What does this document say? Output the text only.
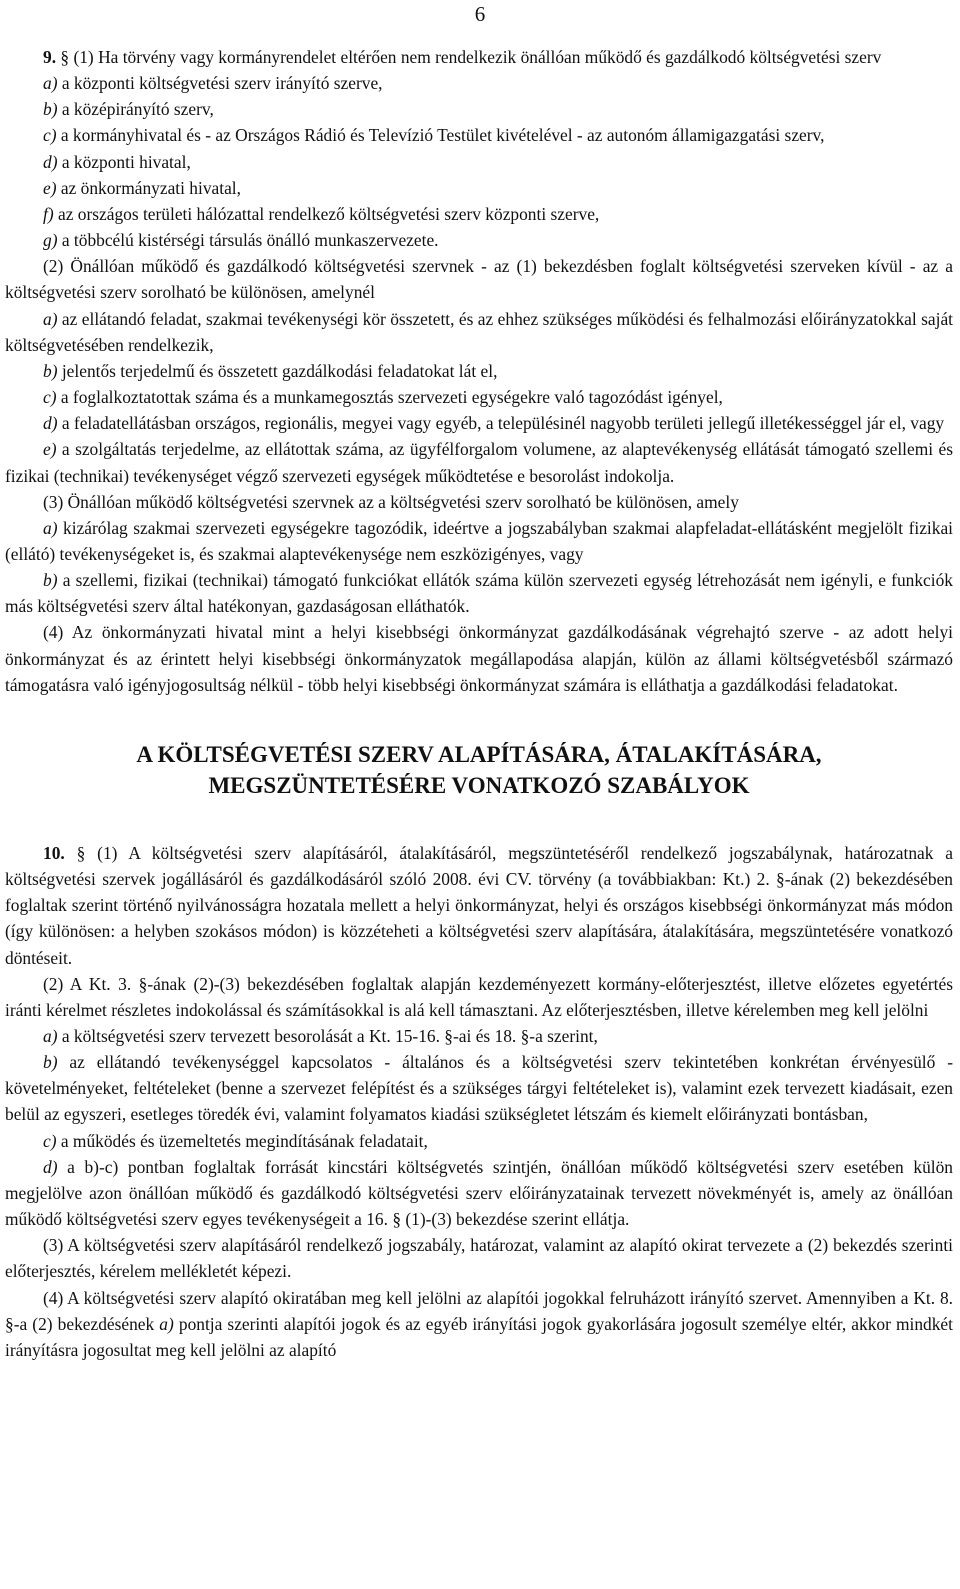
6

9. § (1) Ha törvény vagy kormányrendelet eltérően nem rendelkezik önállóan működő és gazdálkodó költségvetési szerv

a) a központi költségvetési szerv irányító szerve,

b) a középirányító szerv,

c) a kormányhivatal és - az Országos Rádió és Televízió Testület kivételével - az autonóm államigazgatási szerv,

d) a központi hivatal,

e) az önkormányzati hivatal,

f) az országos területi hálózattal rendelkező költségvetési szerv központi szerve,

g) a többcélú kistérségi társulás önálló munkaszervezete.

(2) Önállóan működő és gazdálkodó költségvetési szervnek - az (1) bekezdésben foglalt költségvetési szerveken kívül - az a költségvetési szerv sorolható be különösen, amelynél

a) az ellátandó feladat, szakmai tevékenységi kör összetett, és az ehhez szükséges működési és felhalmozási előirányzatokkal saját költségvetésében rendelkezik,

b) jelentős terjedelmű és összetett gazdálkodási feladatokat lát el,

c) a foglalkoztatottak száma és a munkamegosztás szervezeti egységekre való tagozódást igényel,

d) a feladatellátásban országos, regionális, megyei vagy egyéb, a településinél nagyobb területi jellegű illetékességgel jár el, vagy

e) a szolgáltatás terjedelme, az ellátottak száma, az ügyfélforgalom volumene, az alaptevékenység ellátását támogató szellemi és fizikai (technikai) tevékenységet végző szervezeti egységek működtetése e besorolást indokolja.

(3) Önállóan működő költségvetési szervnek az a költségvetési szerv sorolható be különösen, amely

a) kizárólag szakmai szervezeti egységekre tagozódik, ideértve a jogszabályban szakmai alapfeladat-ellátásként megjelölt fizikai (ellátó) tevékenységeket is, és szakmai alaptevékenysége nem eszközigényes, vagy

b) a szellemi, fizikai (technikai) támogató funkciókat ellátók száma külön szervezeti egység létrehozását nem igényli, e funkciók más költségvetési szerv által hatékonyan, gazdaságosan elláthatók.

(4) Az önkormányzati hivatal mint a helyi kisebbségi önkormányzat gazdálkodásának végrehajtó szerve - az adott helyi önkormányzat és az érintett helyi kisebbségi önkormányzatok megállapodása alapján, külön az állami költségvetésből származó támogatásra való igényjogosultság nélkül - több helyi kisebbségi önkormányzat számára is elláthatja a gazdálkodási feladatokat.

A KÖLTSÉGVETÉSI SZERV ALAPÍTÁSÁRA, ÁTALAKÍTÁSÁRA,
MEGSZÜNTETÉSÉRE VONATKOZÓ SZABÁLYOK

10. § (1) A költségvetési szerv alapításáról, átalakításáról, megszüntetéséről rendelkező jogszabálynak, határozatnak a költségvetési szervek jogállásáról és gazdálkodásáról szóló 2008. évi CV. törvény (a továbbiakban: Kt.) 2. §-ának (2) bekezdésében foglaltak szerint történő nyilvánosságra hozatala mellett a helyi önkormányzat, helyi és országos kisebbségi önkormányzat más módon (így különösen: a helyben szokásos módon) is közzéteheti a költségvetési szerv alapítására, átalakítására, megszüntetésére vonatkozó döntéseit.

(2) A Kt. 3. §-ának (2)-(3) bekezdésében foglaltak alapján kezdeményezett kormány-előterjesztést, illetve előzetes egyetértés iránti kérelmet részletes indokolással és számításokkal is alá kell támasztani. Az előterjesztésben, illetve kérelemben meg kell jelölni

a) a költségvetési szerv tervezett besorolását a Kt. 15-16. §-ai és 18. §-a szerint,

b) az ellátandó tevékenységgel kapcsolatos - általános és a költségvetési szerv tekintetében konkrétan érvényesülő - követelményeket, feltételeket (benne a szervezet felépítést és a szükséges tárgyi feltételeket is), valamint ezek tervezett kiadásait, ezen belül az egyszeri, esetleges töredék évi, valamint folyamatos kiadási szükségletet létszám és kiemelt előirányzati bontásban,

c) a működés és üzemeltetés megindításának feladatait,

d) a b)-c) pontban foglaltak forrását kincstári költségvetés szintjén, önállóan működő költségvetési szerv esetében külön megjelölve azon önállóan működő és gazdálkodó költségvetési szerv előirányzatainak tervezett növekményét is, amely az önállóan működő költségvetési szerv egyes tevékenységeit a 16. § (1)-(3) bekezdése szerint ellátja.

(3) A költségvetési szerv alapításáról rendelkező jogszabály, határozat, valamint az alapító okirat tervezete a (2) bekezdés szerinti előterjesztés, kérelem mellékletét képezi.

(4) A költségvetési szerv alapító okiratában meg kell jelölni az alapítói jogokkal felruházott irányító szervet. Amennyiben a Kt. 8. §-a (2) bekezdésének a) pontja szerinti alapítói jogok és az egyéb irányítási jogok gyakorlására jogosult személye eltér, akkor mindkét irányításra jogosultat meg kell jelölni az alapító
